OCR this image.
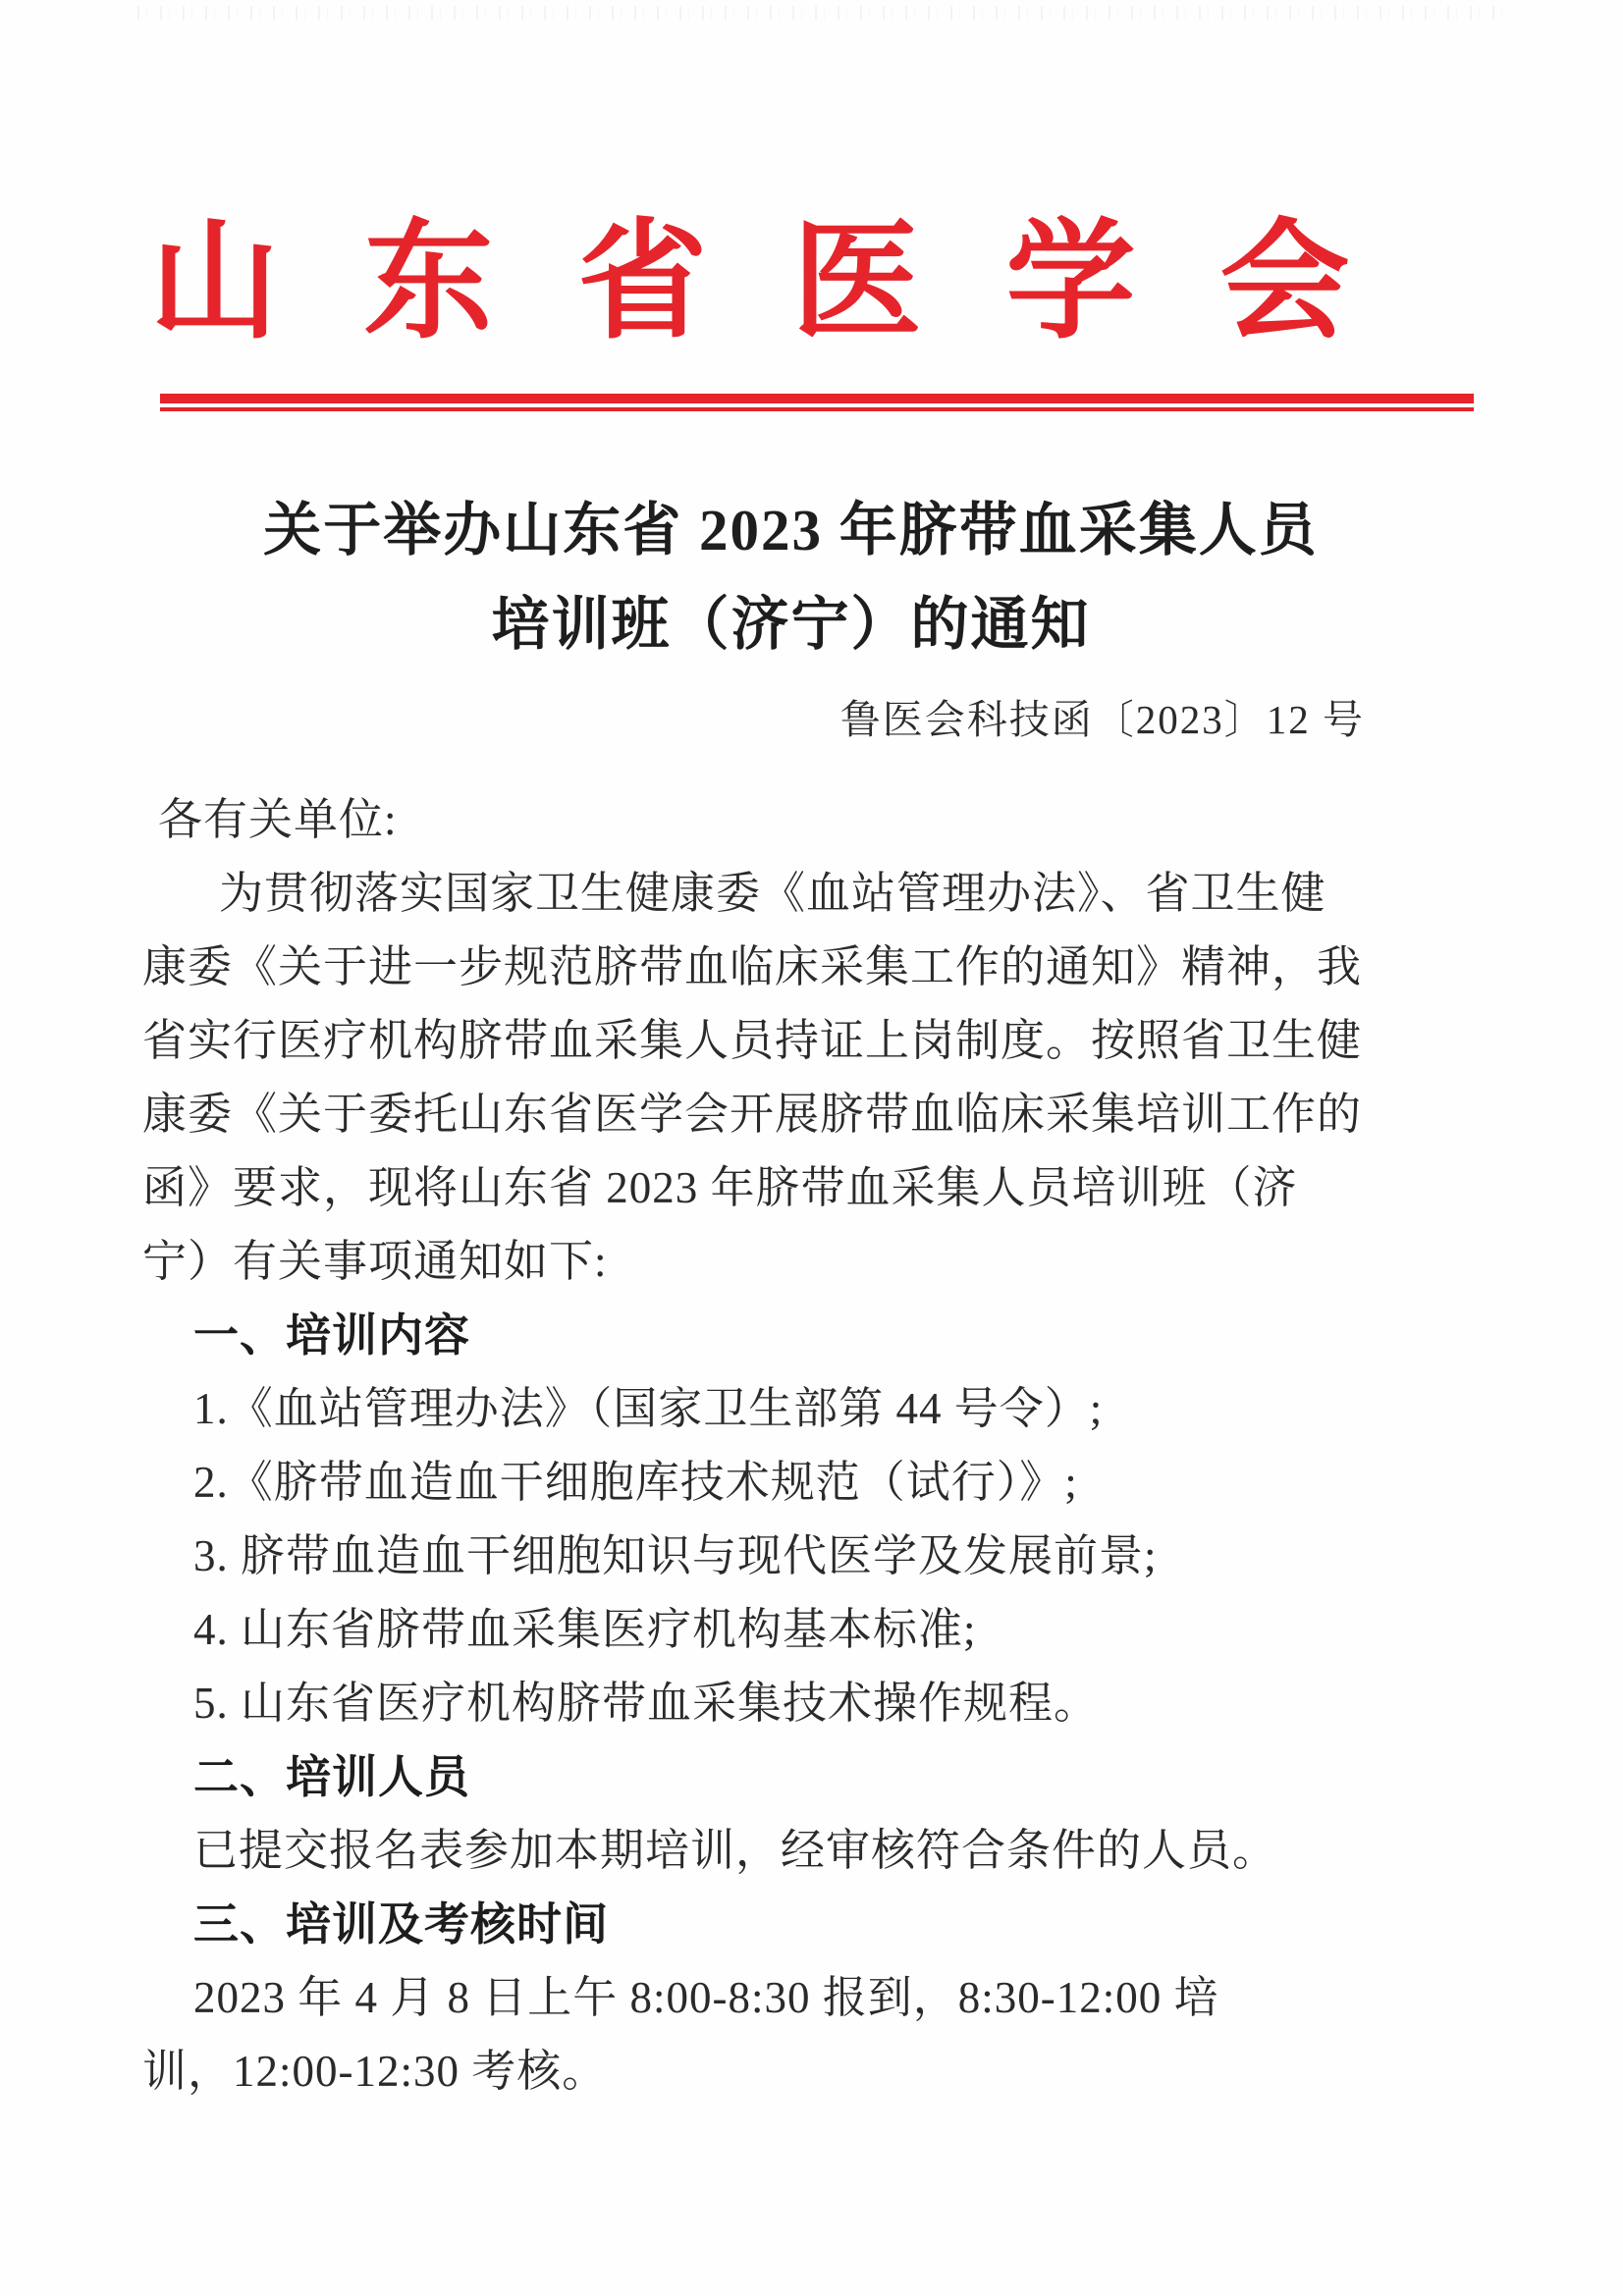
山东省医学会
关于举办山东省 2023 年脐带血采集人员
培训班（济宁）的通知
鲁医会科技函〔2023〕12 号
各有关单位:
为贯彻落实国家卫生健康委《血站管理办法》、省卫生健
康委《关于进一步规范脐带血临床采集工作的通知》精神，我
省实行医疗机构脐带血采集人员持证上岗制度。按照省卫生健
康委《关于委托山东省医学会开展脐带血临床采集培训工作的
函》要求，现将山东省 2023 年脐带血采集人员培训班（济
宁）有关事项通知如下:
一、培训内容
1.《血站管理办法》（国家卫生部第 44 号令）;
2.《脐带血造血干细胞库技术规范（试行）》;
3. 脐带血造血干细胞知识与现代医学及发展前景;
4. 山东省脐带血采集医疗机构基本标准;
5. 山东省医疗机构脐带血采集技术操作规程。
二、培训人员
已提交报名表参加本期培训，经审核符合条件的人员。
三、培训及考核时间
2023 年 4 月 8 日上午 8:00-8:30 报到，8:30-12:00 培
训，12:00-12:30 考核。
